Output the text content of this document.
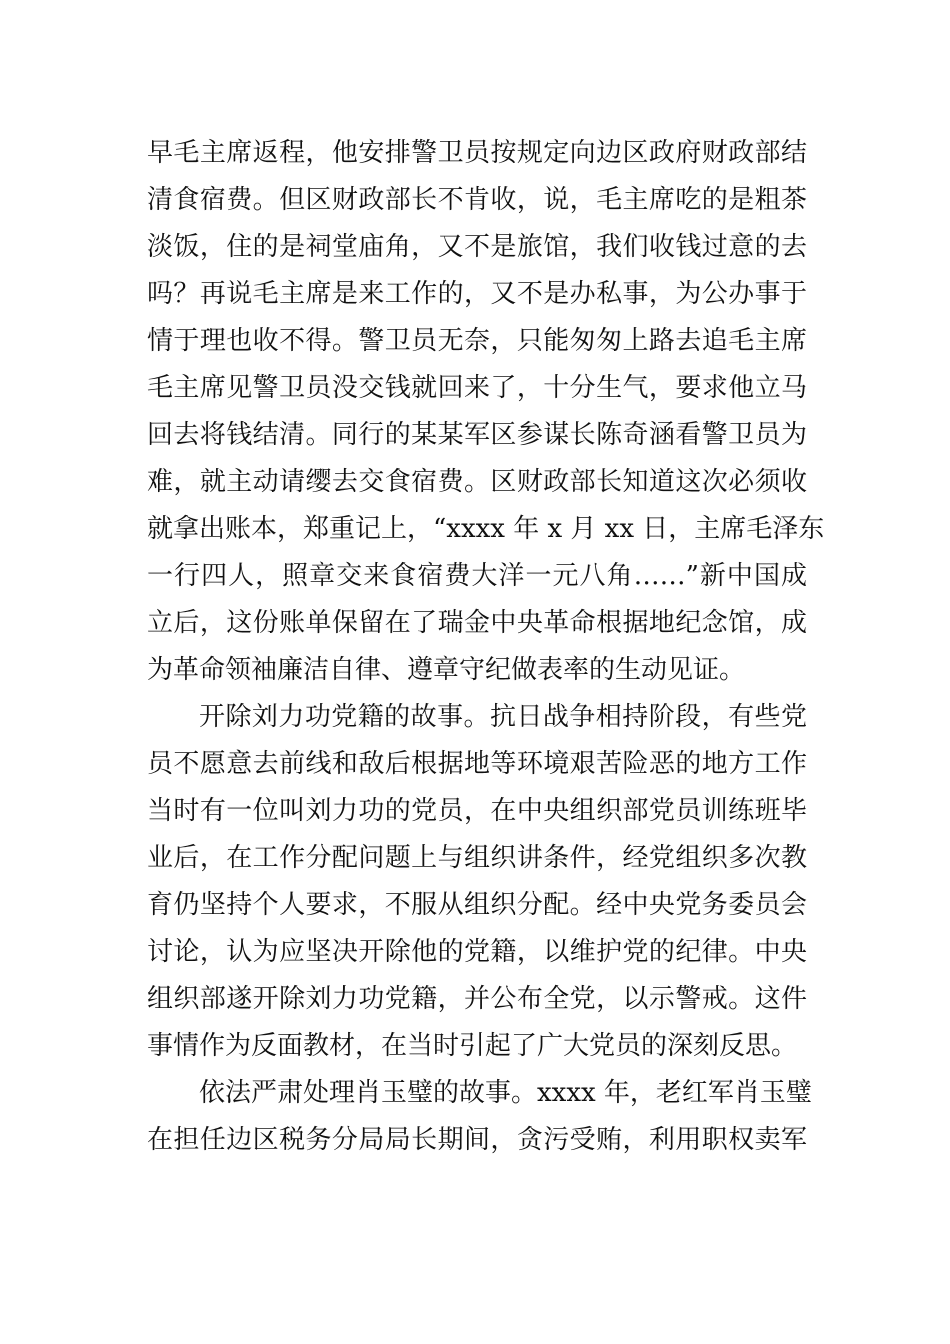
早毛主席返程，他安排警卫员按规定向边区政府财政部结
清食宿费。但区财政部长不肯收，说，毛主席吃的是粗茶
淡饭，住的是祠堂庙角，又不是旅馆，我们收钱过意的去
吗？再说毛主席是来工作的，又不是办私事，为公办事于
情于理也收不得。警卫员无奈，只能匆匆上路去追毛主席
毛主席见警卫员没交钱就回来了，十分生气，要求他立马
回去将钱结清。同行的某某军区参谋长陈奇涵看警卫员为
难，就主动请缨去交食宿费。区财政部长知道这次必须收
就拿出账本，郑重记上，“xxxx 年 x 月 xx 日，主席毛泽东
一行四人，照章交来食宿费大洋一元八角……”新中国成
立后，这份账单保留在了瑞金中央革命根据地纪念馆，成
为革命领袖廉洁自律、遵章守纪做表率的生动见证。
开除刘力功党籍的故事。抗日战争相持阶段，有些党
员不愿意去前线和敌后根据地等环境艰苦险恶的地方工作
当时有一位叫刘力功的党员，在中央组织部党员训练班毕
业后，在工作分配问题上与组织讲条件，经党组织多次教
育仍坚持个人要求，不服从组织分配。经中央党务委员会
讨论，认为应坚决开除他的党籍，以维护党的纪律。中央
组织部遂开除刘力功党籍，并公布全党，以示警戒。这件
事情作为反面教材，在当时引起了广大党员的深刻反思。
依法严肃处理肖玉璧的故事。xxxx 年，老红军肖玉璧
在担任边区税务分局局长期间，贪污受贿，利用职权卖军
